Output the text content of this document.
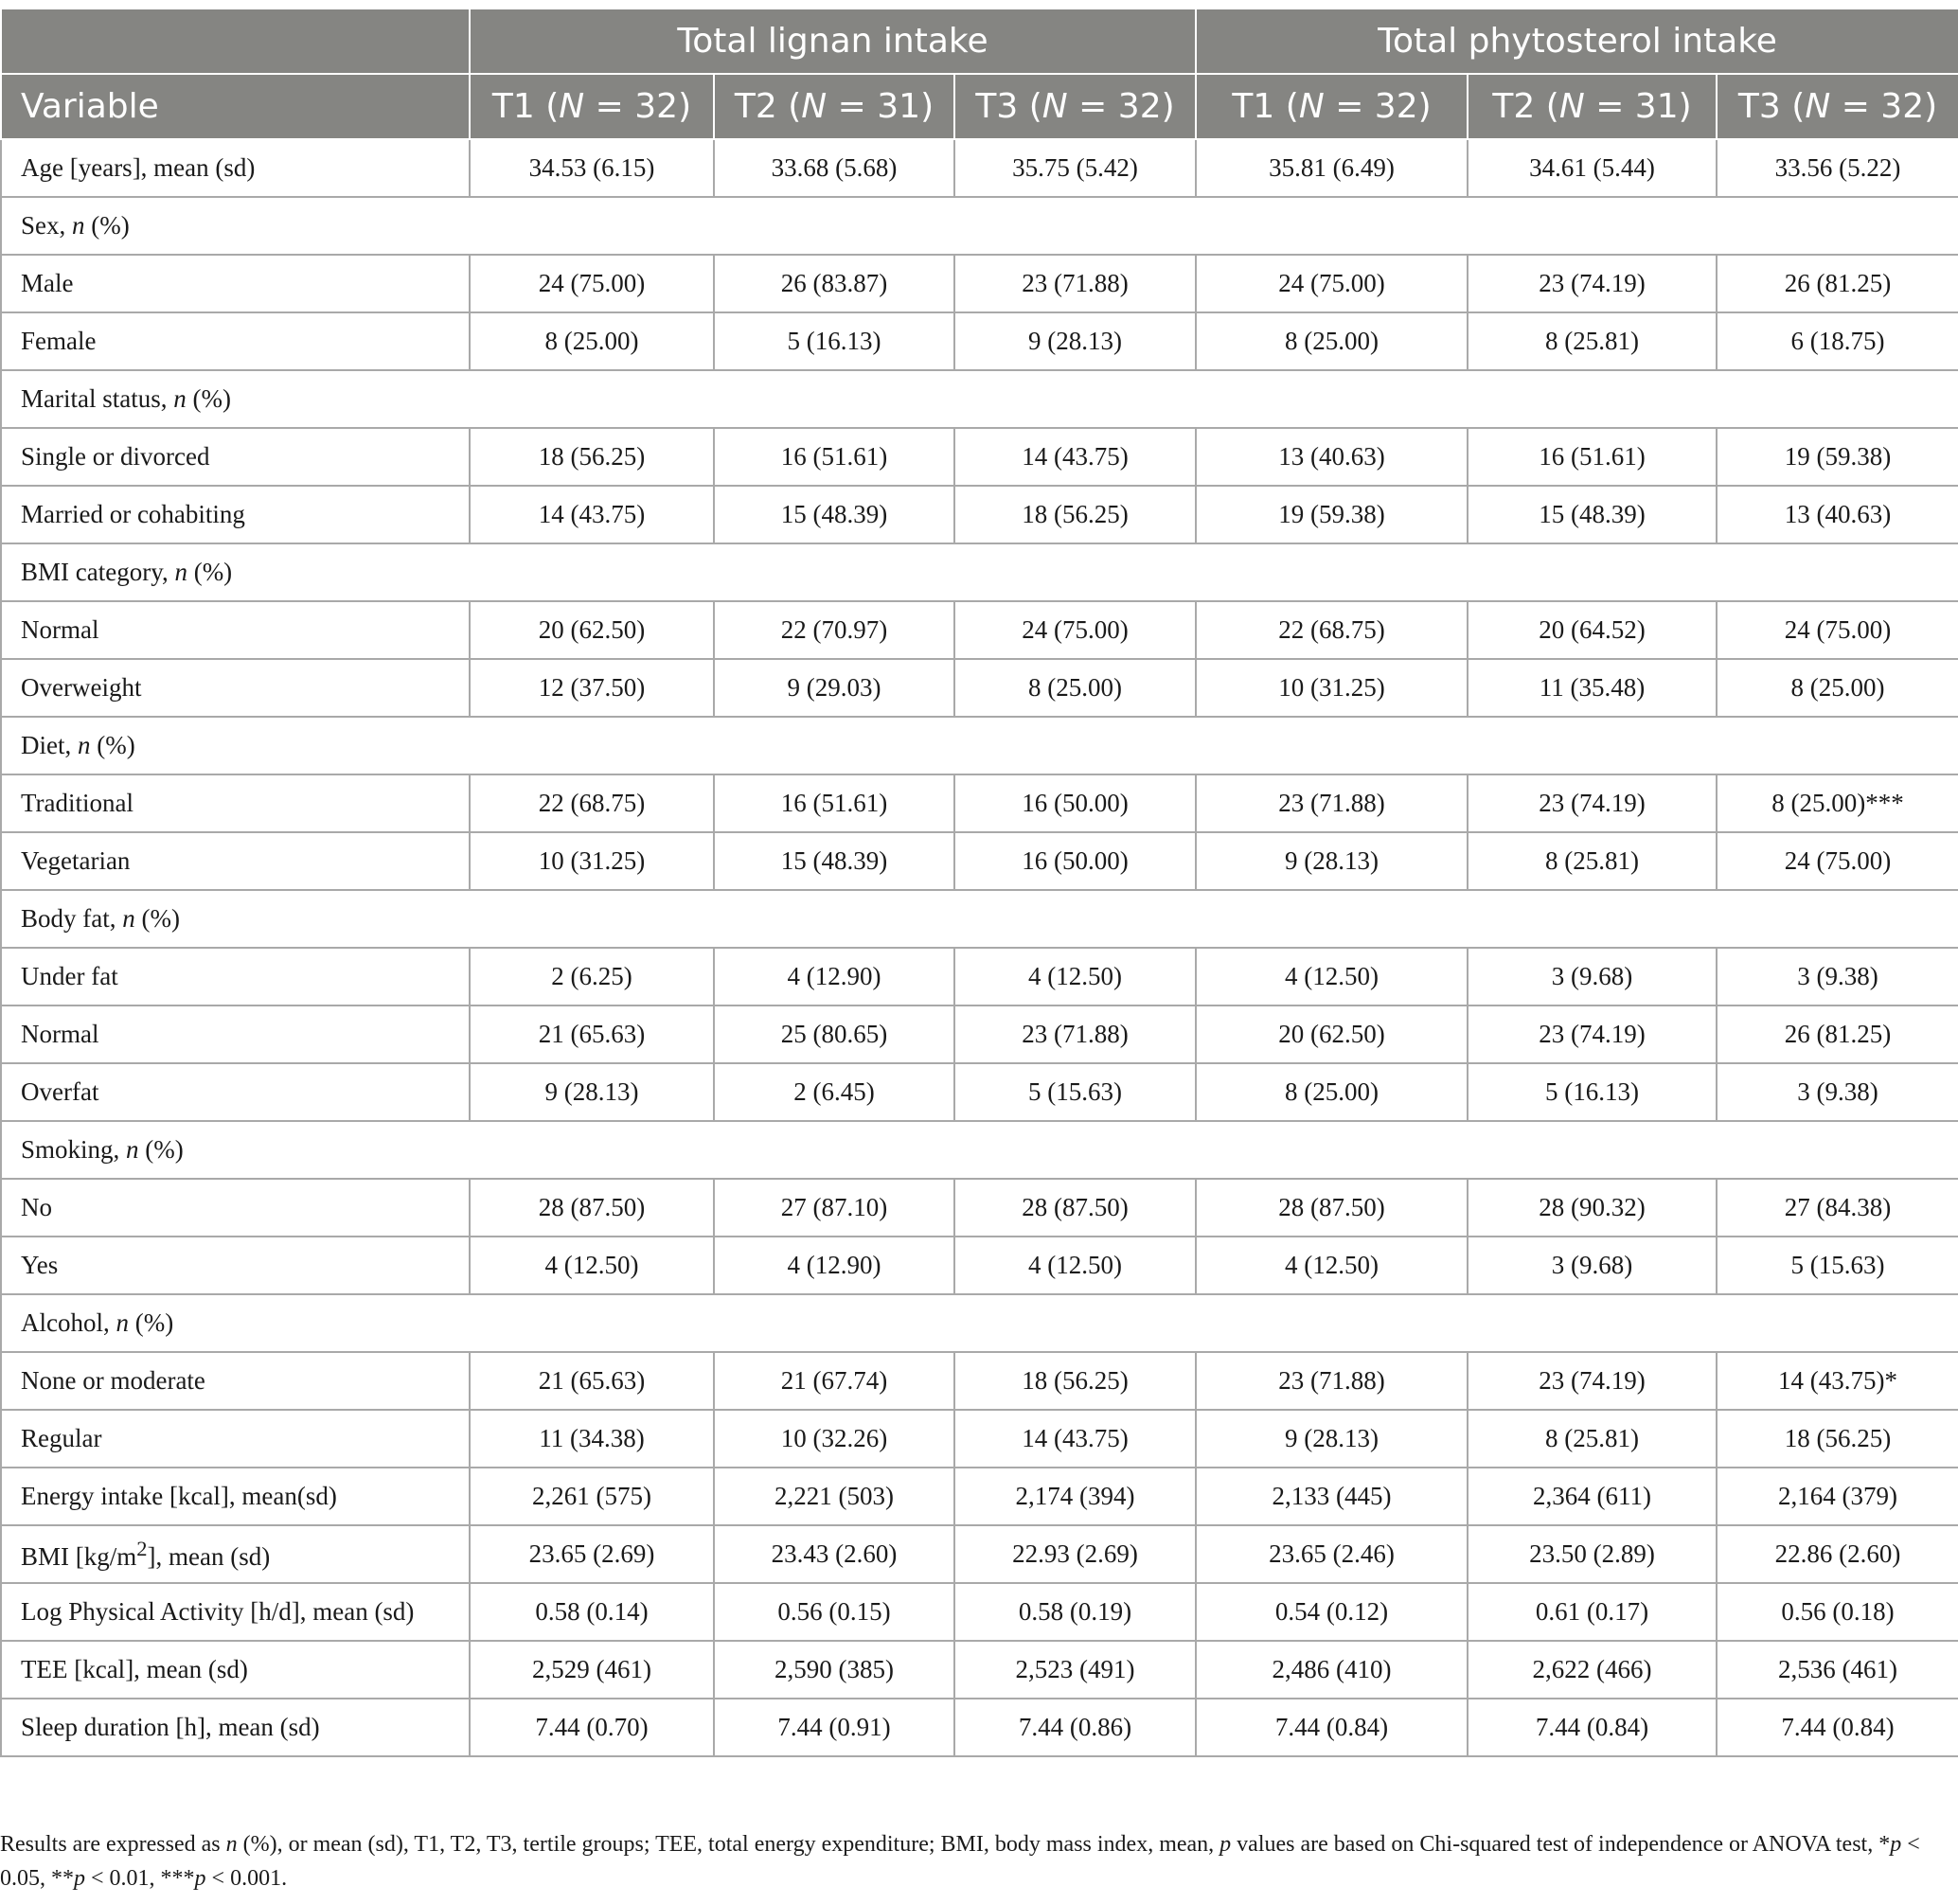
	Total lignan intake			Total phytosterol intake		
Variable	T1 (N = 32)	T2 (N = 31)	T3 (N = 32)	T1 (N = 32)	T2 (N = 31)	T3 (N = 32)
Age [years], mean (sd)	34.53 (6.15)	33.68 (5.68)	35.75 (5.42)	35.81 (6.49)	34.61 (5.44)	33.56 (5.22)
Sex, n (%)						
Male	24 (75.00)	26 (83.87)	23 (71.88)	24 (75.00)	23 (74.19)	26 (81.25)
Female	8 (25.00)	5 (16.13)	9 (28.13)	8 (25.00)	8 (25.81)	6 (18.75)
Marital status, n (%)						
Single or divorced	18 (56.25)	16 (51.61)	14 (43.75)	13 (40.63)	16 (51.61)	19 (59.38)
Married or cohabiting	14 (43.75)	15 (48.39)	18 (56.25)	19 (59.38)	15 (48.39)	13 (40.63)
BMI category, n (%)						
Normal	20 (62.50)	22 (70.97)	24 (75.00)	22 (68.75)	20 (64.52)	24 (75.00)
Overweight	12 (37.50)	9 (29.03)	8 (25.00)	10 (31.25)	11 (35.48)	8 (25.00)
Diet, n (%)						
Traditional	22 (68.75)	16 (51.61)	16 (50.00)	23 (71.88)	23 (74.19)	8 (25.00)***
Vegetarian	10 (31.25)	15 (48.39)	16 (50.00)	9 (28.13)	8 (25.81)	24 (75.00)
Body fat, n (%)						
Under fat	2 (6.25)	4 (12.90)	4 (12.50)	4 (12.50)	3 (9.68)	3 (9.38)
Normal	21 (65.63)	25 (80.65)	23 (71.88)	20 (62.50)	23 (74.19)	26 (81.25)
Overfat	9 (28.13)	2 (6.45)	5 (15.63)	8 (25.00)	5 (16.13)	3 (9.38)
Smoking, n (%)						
No	28 (87.50)	27 (87.10)	28 (87.50)	28 (87.50)	28 (90.32)	27 (84.38)
Yes	4 (12.50)	4 (12.90)	4 (12.50)	4 (12.50)	3 (9.68)	5 (15.63)
Alcohol, n (%)						
None or moderate	21 (65.63)	21 (67.74)	18 (56.25)	23 (71.88)	23 (74.19)	14 (43.75)*
Regular	11 (34.38)	10 (32.26)	14 (43.75)	9 (28.13)	8 (25.81)	18 (56.25)
Energy intake [kcal], mean(sd)	2,261 (575)	2,221 (503)	2,174 (394)	2,133 (445)	2,364 (611)	2,164 (379)
BMI $[kg/m^2]$, mean (sd)	23.65 (2.69)	23.43 (2.60)	22.93 (2.69)	23.65 (2.46)	23.50 (2.89)	22.86 (2.60)
Log Physical Activity [h/d], mean (sd)	0.58 (0.14)	0.56 (0.15)	0.58 (0.19)	0.54 (0.12)	0.61 (0.17)	0.56 (0.18)
TEE [kcal], mean (sd)	2,529 (461)	2,590 (385)	2,523 (491)	2,486 (410)	2,622 (466)	2,536 (461)
Sleep duration [h], mean (sd)	7.44 (0.70)	7.44 (0.91)	7.44 (0.86)	7.44 (0.84)	7.44 (0.84)	7.44 (0.84)
Results are expressed as n (%), or mean (sd), T1, T2, T3, tertile groups; TEE, total energy expenditure; BMI, body mass index, mean, p values are based on Chi-squared test of independence or ANOVA test, *p < 0.05, **p < 0.01, ***p < 0.001.
